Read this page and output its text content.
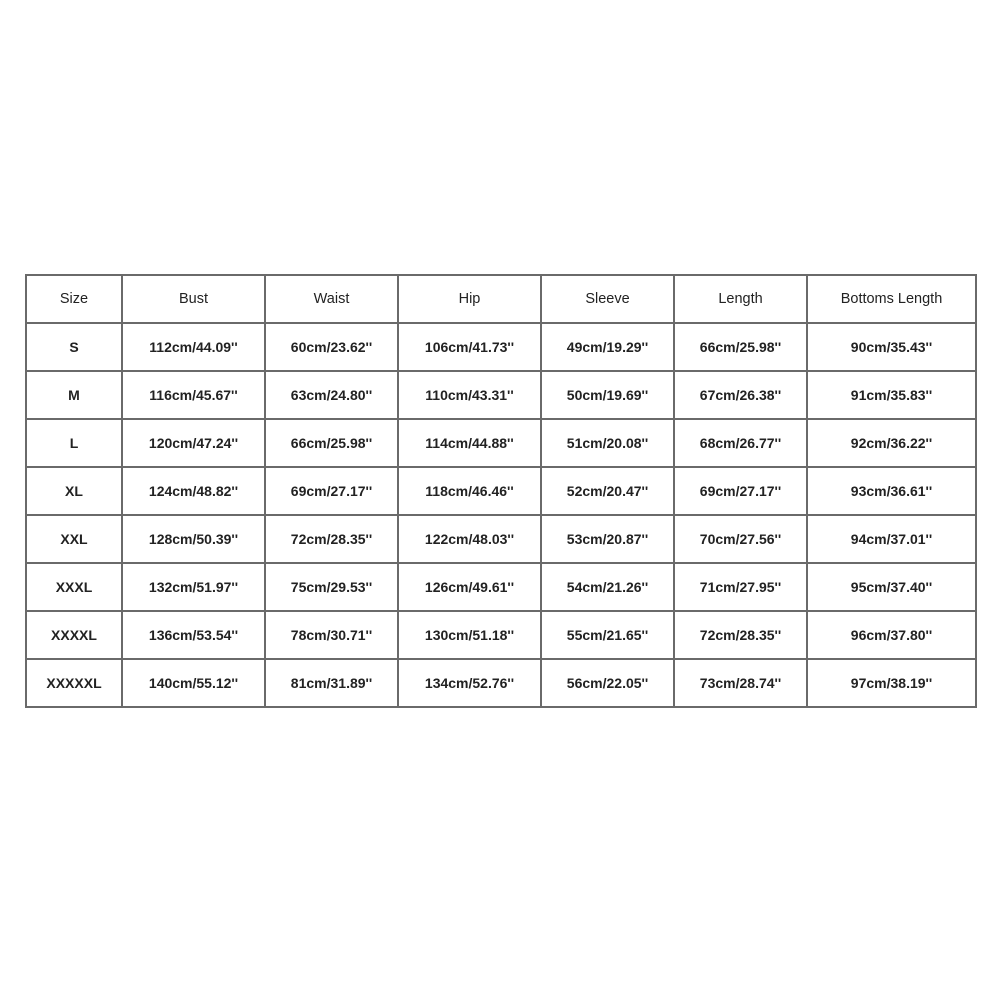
Size	Bust	Waist	Hip	Sleeve	Length	Bottoms Length
S	112cm/44.09''	60cm/23.62''	106cm/41.73''	49cm/19.29''	66cm/25.98''	90cm/35.43''
M	116cm/45.67''	63cm/24.80''	110cm/43.31''	50cm/19.69''	67cm/26.38''	91cm/35.83''
L	120cm/47.24''	66cm/25.98''	114cm/44.88''	51cm/20.08''	68cm/26.77''	92cm/36.22''
XL	124cm/48.82''	69cm/27.17''	118cm/46.46''	52cm/20.47''	69cm/27.17''	93cm/36.61''
XXL	128cm/50.39''	72cm/28.35''	122cm/48.03''	53cm/20.87''	70cm/27.56''	94cm/37.01''
XXXL	132cm/51.97''	75cm/29.53''	126cm/49.61''	54cm/21.26''	71cm/27.95''	95cm/37.40''
XXXXL	136cm/53.54''	78cm/30.71''	130cm/51.18''	55cm/21.65''	72cm/28.35''	96cm/37.80''
XXXXXL	140cm/55.12''	81cm/31.89''	134cm/52.76''	56cm/22.05''	73cm/28.74''	97cm/38.19''
